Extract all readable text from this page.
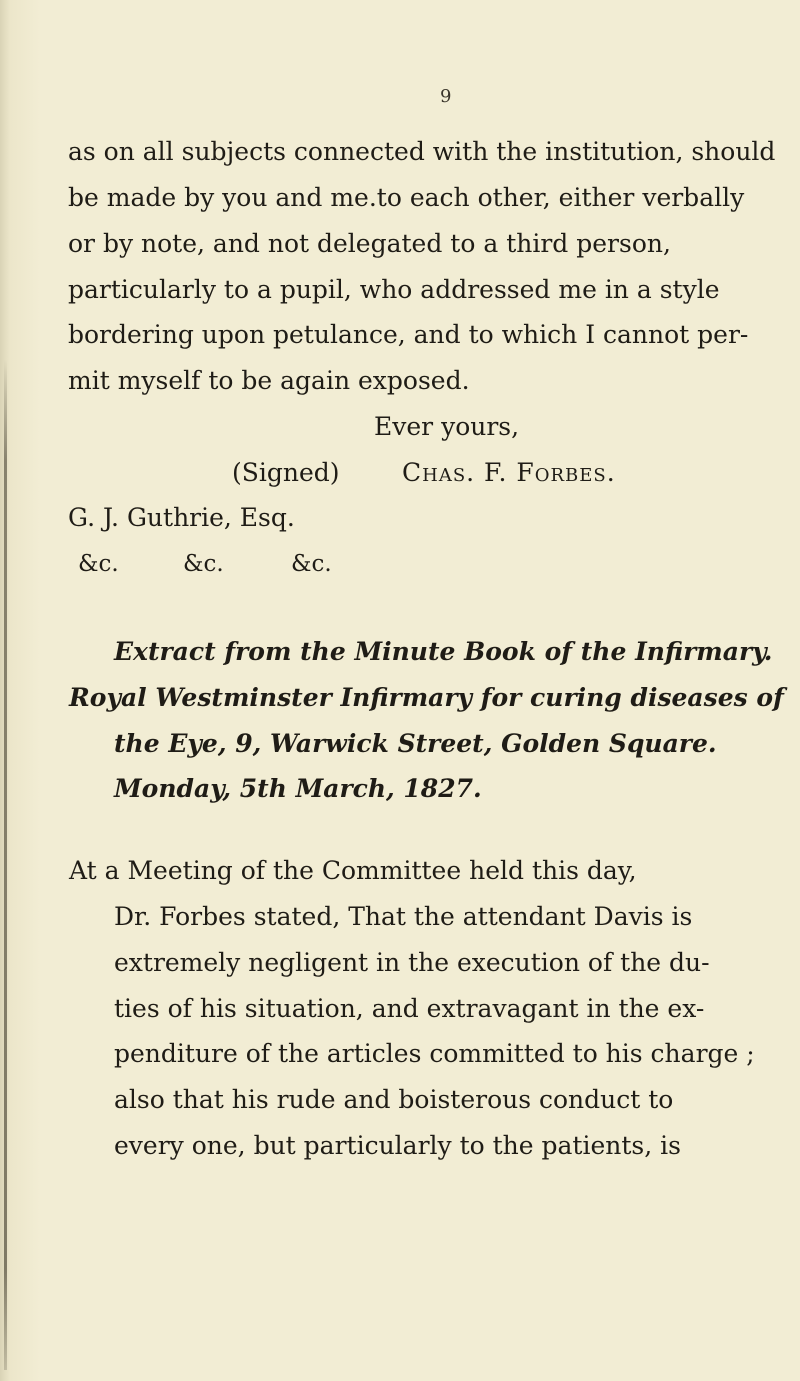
9
as on all subjects connected with the institution, should
be made by you and me.to each other, either verbally
or by note, and not delegated to a third person,
particularly to a pupil, who addressed me in a style
bordering upon petulance, and to which I cannot per-
mit myself to be again exposed.
Ever yours,
(Signed) Chas. F. Forbes.
G. J. Guthrie, Esq.
&c.	&c.	&c.
Extract from the Minute Book of the Infirmary.
Royal Westminster Infirmary for curing diseases of
the Eye, 9, Warwick Street, Golden Square.
Monday, 5th March, 1827.
At a Meeting of the Committee held this day,
Dr. Forbes stated, That the attendant Davis is
extremely negligent in the execution of the du-
ties of his situation, and extravagant in the ex-
penditure of the articles committed to his charge ;
also that his rude and boisterous conduct to
every one, but particularly to the patients, is
